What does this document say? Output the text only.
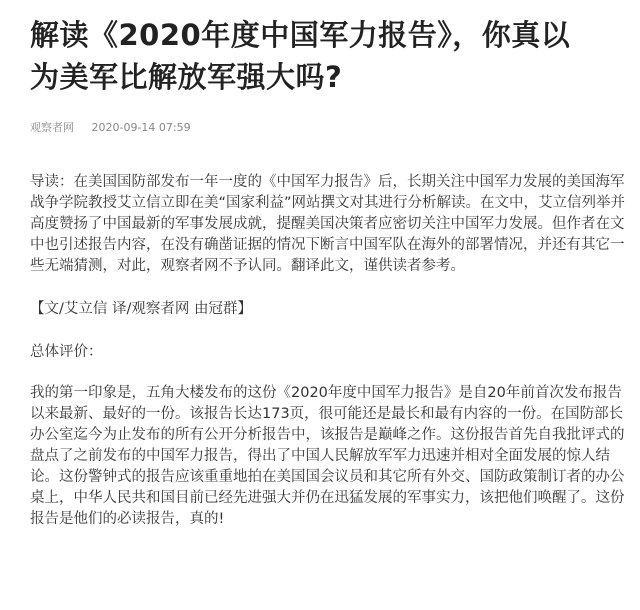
解读《2020年度中国军力报告》，你真以
为美军比解放军强大吗?
观察者网 2020-09-14 07:59

导读：在美国国防部发布一年一度的《中国军力报告》后，长期关注中国军力发展的美国海军战争学院教授艾立信立即在美“国家利益”网站撰文对其进行分析解读。在文中，艾立信列举并高度赞扬了中国最新的军事发展成就，提醒美国决策者应密切关注中国军力发展。但作者在文中也引述报告内容，在没有确凿证据的情况下断言中国军队在海外的部署情况，并还有其它一些无端猜测，对此，观察者网不予认同。翻译此文，谨供读者参考。

【文/艾立信 译/观察者网 由冠群】

总体评价：

我的第一印象是，五角大楼发布的这份《2020年度中国军力报告》是自20年前首次发布报告以来最新、最好的一份。该报告长达173页，很可能还是最长和最有内容的一份。在国防部长办公室迄今为止发布的所有公开分析报告中，该报告是巅峰之作。这份报告首先自我批评式的盘点了之前发布的中国军力报告，得出了中国人民解放军军力迅速并相对全面发展的惊人结论。这份警钟式的报告应该重重地拍在美国国会议员和其它所有外交、国防政策制订者的办公桌上，中华人民共和国目前已经先进强大并仍在迅猛发展的军事实力，该把他们唤醒了。这份报告是他们的必读报告，真的!
